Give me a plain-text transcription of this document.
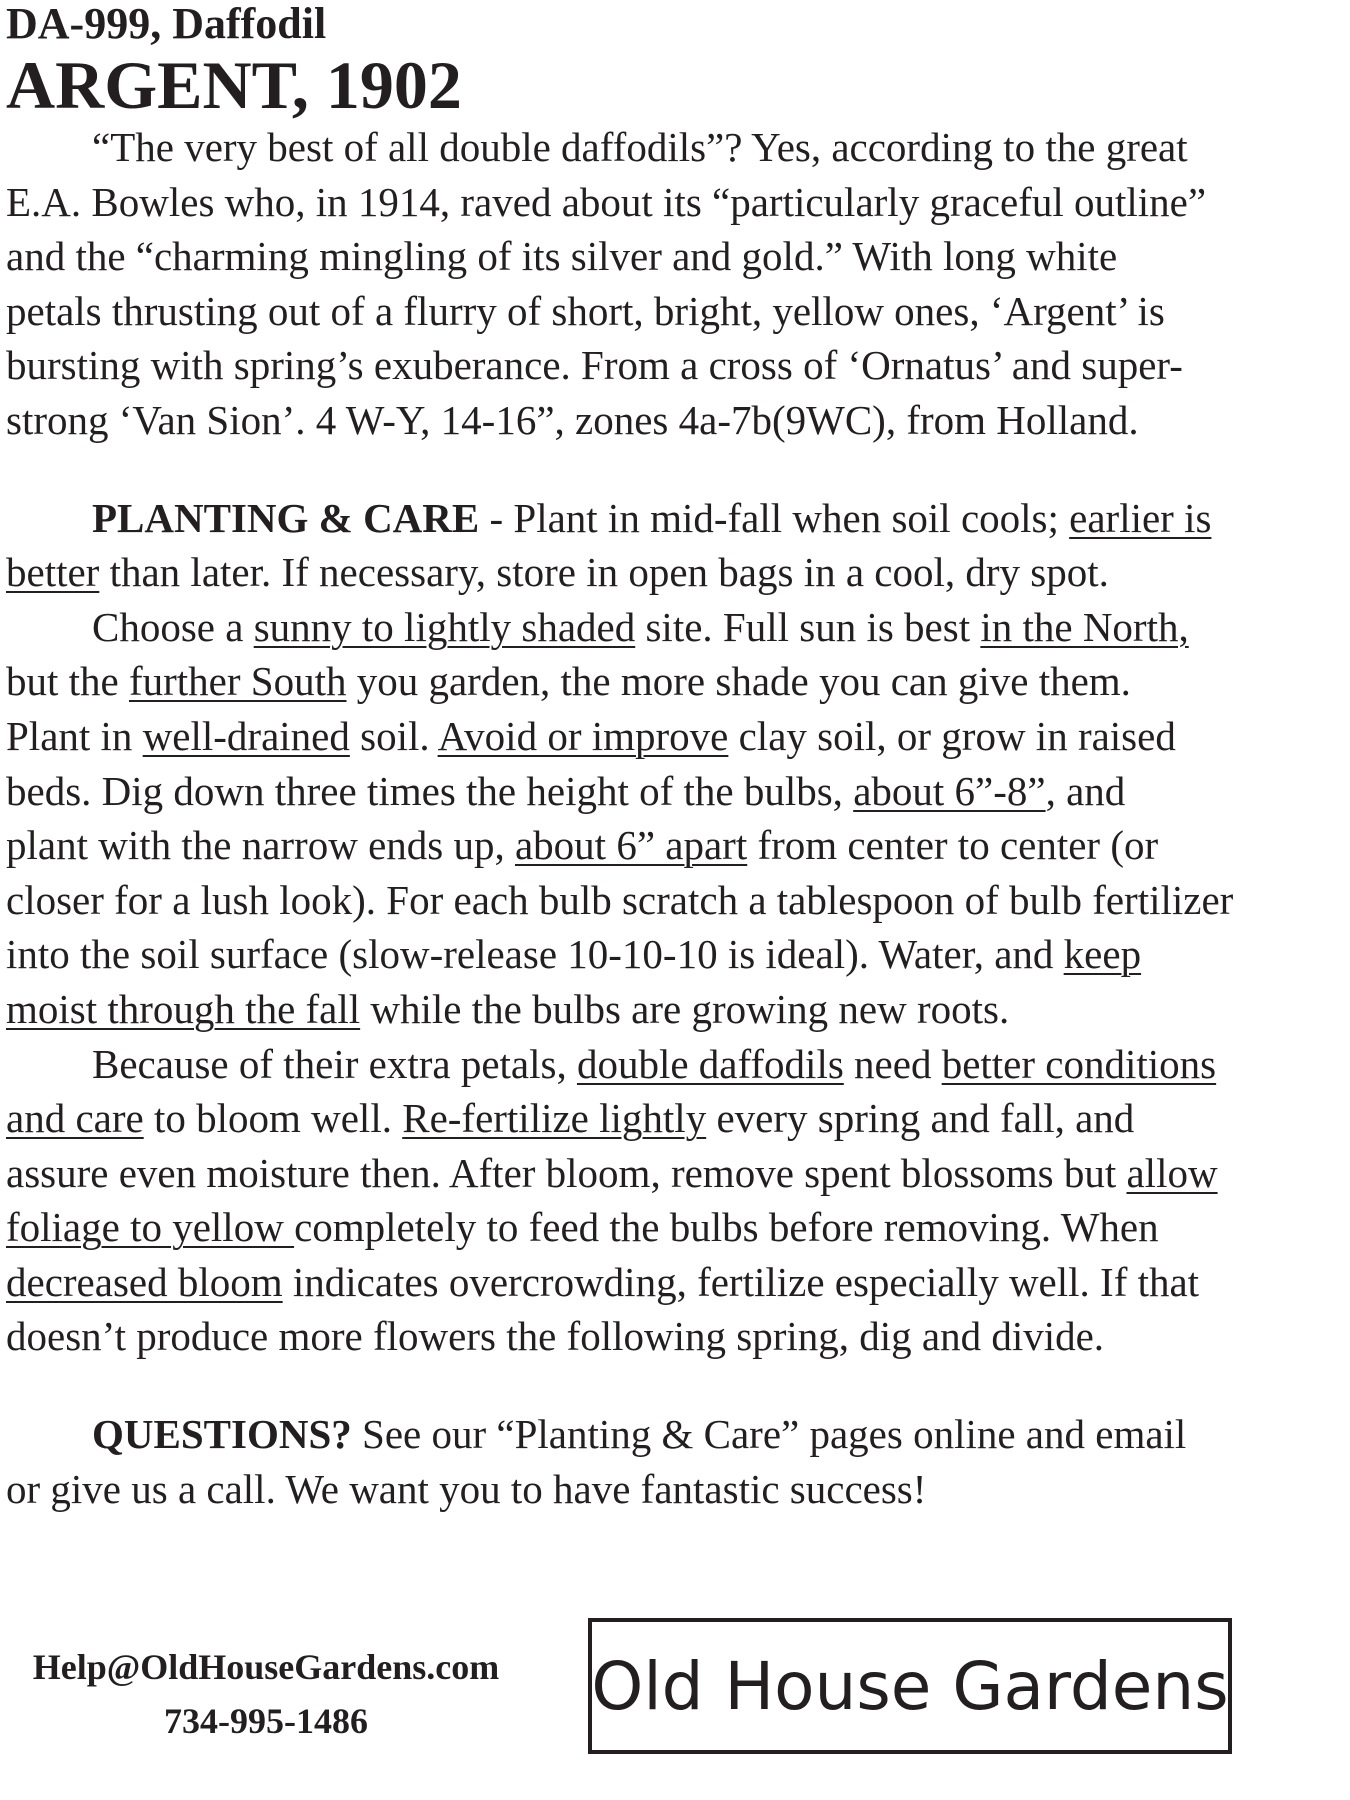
DA-999, Daffodil
ARGENT, 1902
“The very best of all double daffodils”? Yes, according to the great
E.A. Bowles who, in 1914, raved about its “particularly graceful outline”
and the “charming mingling of its silver and gold.” With long white
petals thrusting out of a flurry of short, bright, yellow ones, ‘Argent’ is
bursting with spring’s exuberance. From a cross of ‘Ornatus’ and super-
strong ‘Van Sion’. 4 W-Y, 14-16”, zones 4a-7b(9WC), from Holland.
PLANTING & CARE - Plant in mid-fall when soil cools; earlier is
better than later. If necessary, store in open bags in a cool, dry spot.
Choose a sunny to lightly shaded site. Full sun is best in the North,
but the further South you garden, the more shade you can give them.
Plant in well-drained soil. Avoid or improve clay soil, or grow in raised
beds. Dig down three times the height of the bulbs, about 6”-8”, and
plant with the narrow ends up, about 6” apart from center to center (or
closer for a lush look). For each bulb scratch a tablespoon of bulb fertilizer
into the soil surface (slow-release 10-10-10 is ideal). Water, and keep
moist through the fall while the bulbs are growing new roots.
Because of their extra petals, double daffodils need better conditions
and care to bloom well. Re-fertilize lightly every spring and fall, and
assure even moisture then. After bloom, remove spent blossoms but allow
foliage to yellow completely to feed the bulbs before removing. When
decreased bloom indicates overcrowding, fertilize especially well. If that
doesn’t produce more flowers the following spring, dig and divide.
QUESTIONS? See our “Planting & Care” pages online and email
or give us a call. We want you to have fantastic success!
Help@OldHouseGardens.com
734-995-1486	Old House Gardens
